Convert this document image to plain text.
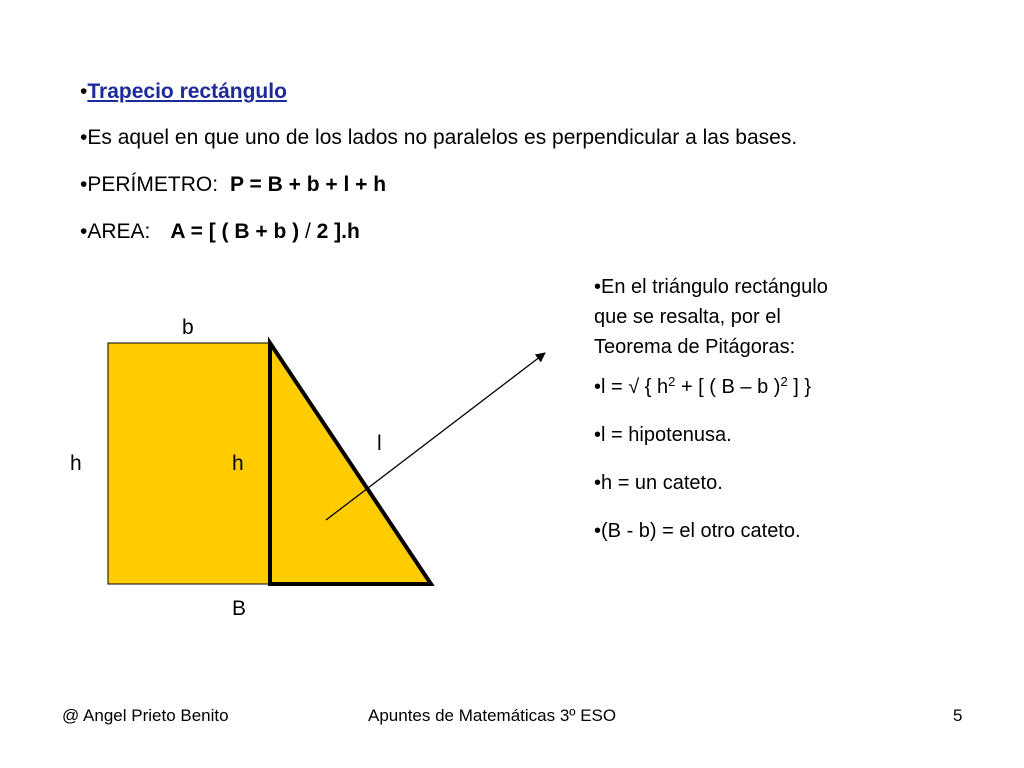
•Trapecio rectángulo
•Es aquel en que uno de los lados no paralelos es perpendicular a las bases.
•PERÍMETRO: P = B + b + l + h
•AREA: A = [ ( B + b ) / 2 ].h
b
h	h
l
B

•En el triángulo rectángulo
que se resalta, por el
Teorema de Pitágoras:

•l = √ { $h^2$ + [ ( B – b )$^2$ ] }

•l = hipotenusa.

•h = un cateto.

•(B - b) = el otro cateto.

@ Angel Prieto Benito	Apuntes de Matemáticas 3º ESO	5
